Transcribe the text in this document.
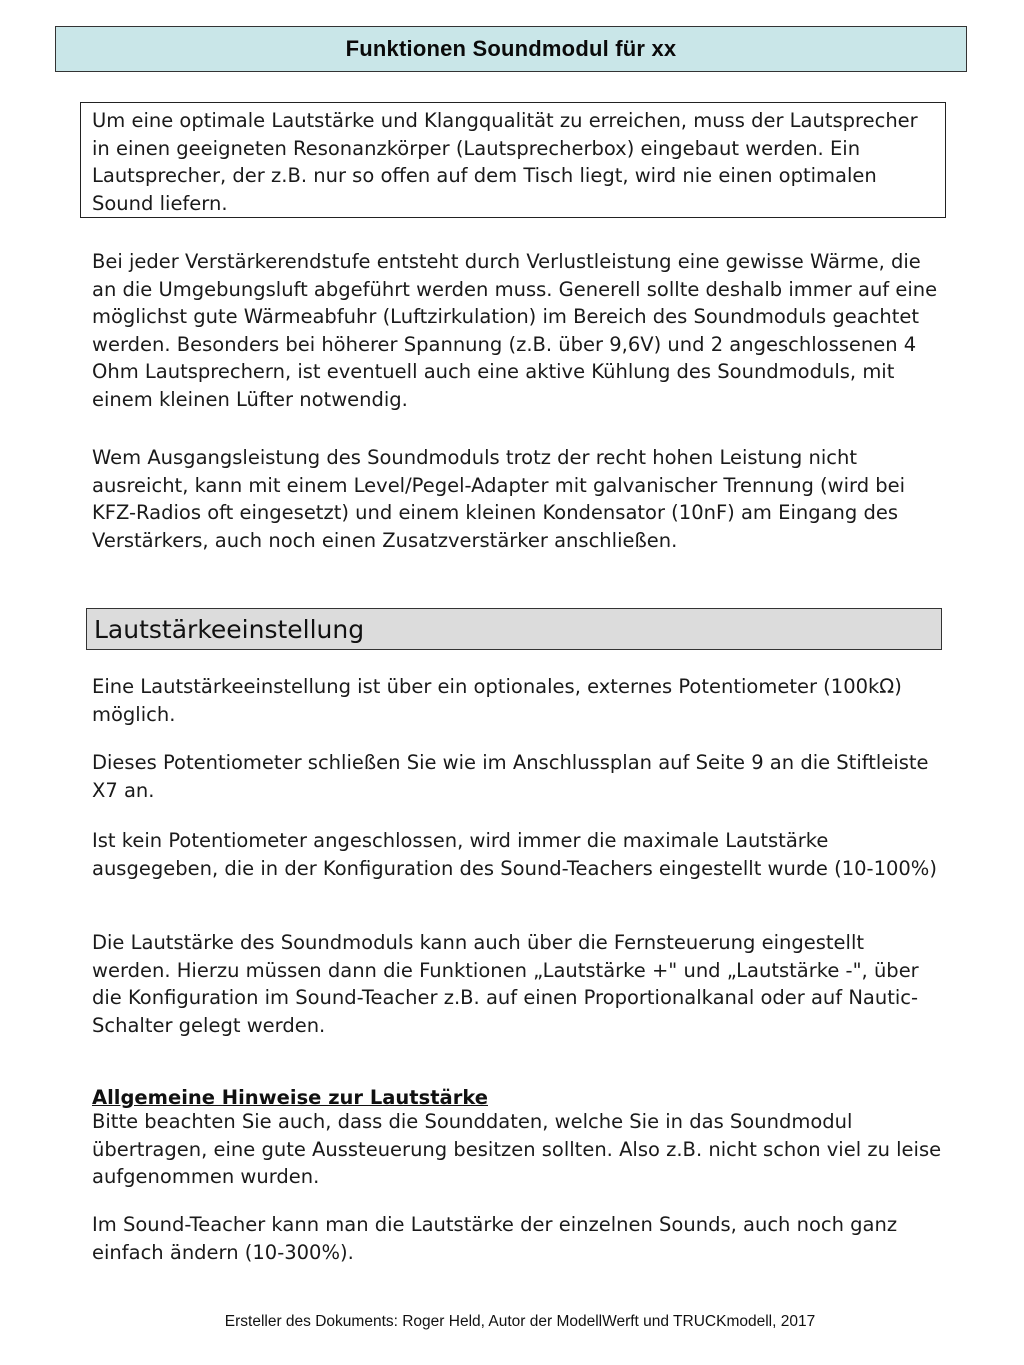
Funktionen Soundmodul für xx

Um eine optimale Lautstärke und Klangqualität zu erreichen, muss der Lautsprecher in einen geeigneten Resonanzkörper (Lautsprecherbox) eingebaut werden. Ein Lautsprecher, der z.B. nur so offen auf dem Tisch liegt, wird nie einen optimalen Sound liefern.

Bei jeder Verstärkerendstufe entsteht durch Verlustleistung eine gewisse Wärme, die an die Umgebungsluft abgeführt werden muss. Generell sollte deshalb immer auf eine möglichst gute Wärmeabfuhr (Luftzirkulation) im Bereich des Soundmoduls geachtet werden. Besonders bei höherer Spannung (z.B. über 9,6V) und 2 angeschlossenen 4 Ohm Lautsprechern, ist eventuell auch eine aktive Kühlung des Soundmoduls, mit einem kleinen Lüfter notwendig.

Wem Ausgangsleistung des Soundmoduls trotz der recht hohen Leistung nicht ausreicht, kann mit einem Level/Pegel-Adapter mit galvanischer Trennung (wird bei KFZ-Radios oft eingesetzt) und einem kleinen Kondensator (10nF) am Eingang des Verstärkers, auch noch einen Zusatzverstärker anschließen.

Lautstärkeeinstellung

Eine Lautstärkeeinstellung ist über ein optionales, externes Potentiometer (100kΩ) möglich.

Dieses Potentiometer schließen Sie wie im Anschlussplan auf Seite 9 an die Stiftleiste X7 an.

Ist kein Potentiometer angeschlossen, wird immer die maximale Lautstärke ausgegeben, die in der Konfiguration des Sound-Teachers eingestellt wurde (10-100%)

Die Lautstärke des Soundmoduls kann auch über die Fernsteuerung eingestellt werden. Hierzu müssen dann die Funktionen „Lautstärke +" und „Lautstärke -", über die Konfiguration im Sound-Teacher z.B. auf einen Proportionalkanal oder auf Nautic-Schalter gelegt werden.

Allgemeine Hinweise zur Lautstärke

Bitte beachten Sie auch, dass die Sounddaten, welche Sie in das Soundmodul übertragen, eine gute Aussteuerung besitzen sollten. Also z.B. nicht schon viel zu leise aufgenommen wurden.

Im Sound-Teacher kann man die Lautstärke der einzelnen Sounds, auch noch ganz einfach ändern (10-300%).

Ersteller des Dokuments: Roger Held, Autor der ModellWerft und TRUCKmodell, 2017
